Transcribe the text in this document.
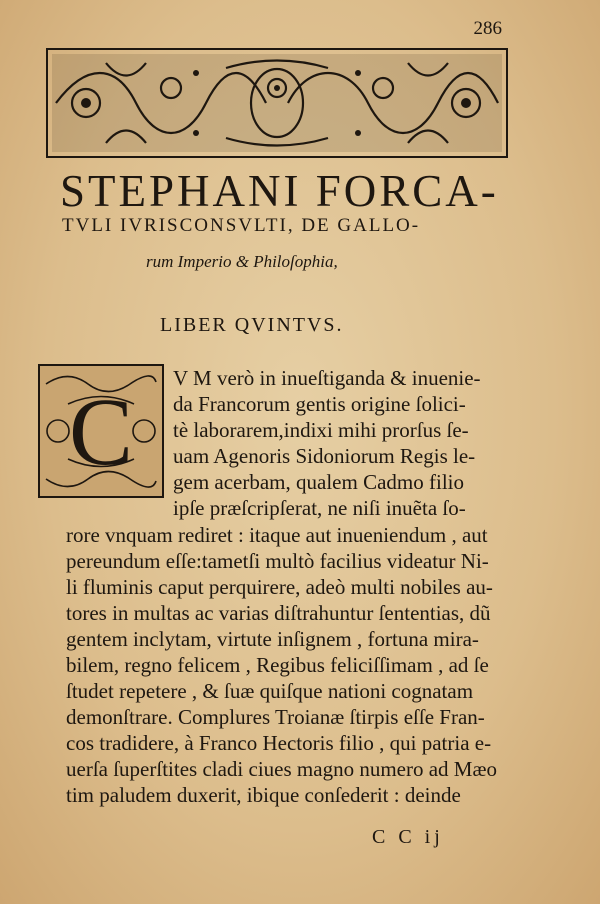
286
STEPHANI FORCA-
TVLI IVRISCONSVLTI, DE GALLO-
rum Imperio & Philoſophia,
LIBER QVINTVS.
C V M verò in inueſtiganda & inuenie-
da Francorum gentis origine ſolici-
tè laborarem,indixi mihi prorſus ſe-
uam Agenoris Sidoniorum Regis le-
gem acerbam, qualem Cadmo filio
ipſe præſcripſerat, ne niſi inuẽta ſo-
rore vnquam rediret : itaque aut inueniendum , aut
pereundum eſſe:tametſi multò facilius videatur Ni-
li fluminis caput perquirere, adeò multi nobiles au-
tores in multas ac varias diſtrahuntur ſententias, dũ
gentem inclytam, virtute inſignem , fortuna mira-
bilem, regno felicem , Regibus feliciſſimam , ad ſe
ſtudet repetere , & ſuæ quiſque nationi cognatam
demonſtrare. Complures Troianæ ſtirpis eſſe Fran-
cos tradidere, à Franco Hectoris filio , qui patria e-
uerſa ſuperſtites cladi ciues magno numero ad Mæo
tim paludem duxerit, ibique conſederit : deinde
C C ij
